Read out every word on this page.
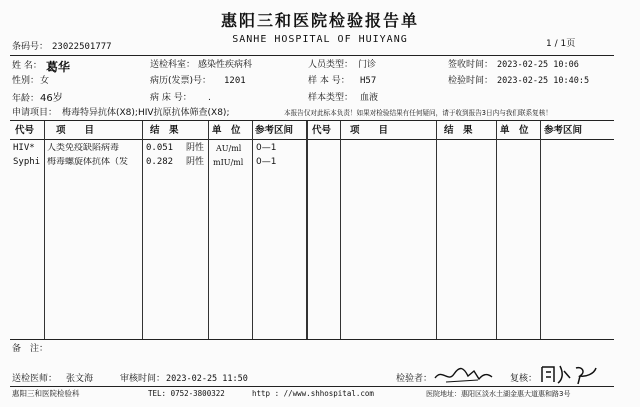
惠阳三和医院检验报告单
SANHE HOSPITAL OF HUIYANG
条码号： 23022501777	1 / 1页
姓 名： 葛华
性别： 女
年龄： 46岁
送检科室： 感染性疾病科
病历(发票)号： 1201
病 床 号： .
人员类型： 门诊
样 本 号： H57
样本类型： 血液
签收时间： 2023-02-25 10:06
检验时间： 2023-02-25 10:40:5
申请项目： 梅毒特异抗体(X8);HIV抗原抗体筛查(X8);	本报告仅对此标本负责！如果对检验结果有任何疑问，请于收到报告3日内与我们联系复核！
代号 项　　目	结　果	单　位 参考区间 代号 项　　目	结　果	单　位 参考区间
HIV* 人类免疫缺陷病毒	0.051 阴性 AU/ml 0—1
Syphi 梅毒螺旋体抗体（发	0.282 阴性 mIU/ml 0—1
备　注：
送检医师： 张文海	审核时间： 2023-02-25 11:50	检验者：	复核：
惠阳三和医院检验科	TEL: 0752-3800322	http : //www.shhospital.com	医院地址：惠阳区淡水土湖金惠大道惠和路3号
